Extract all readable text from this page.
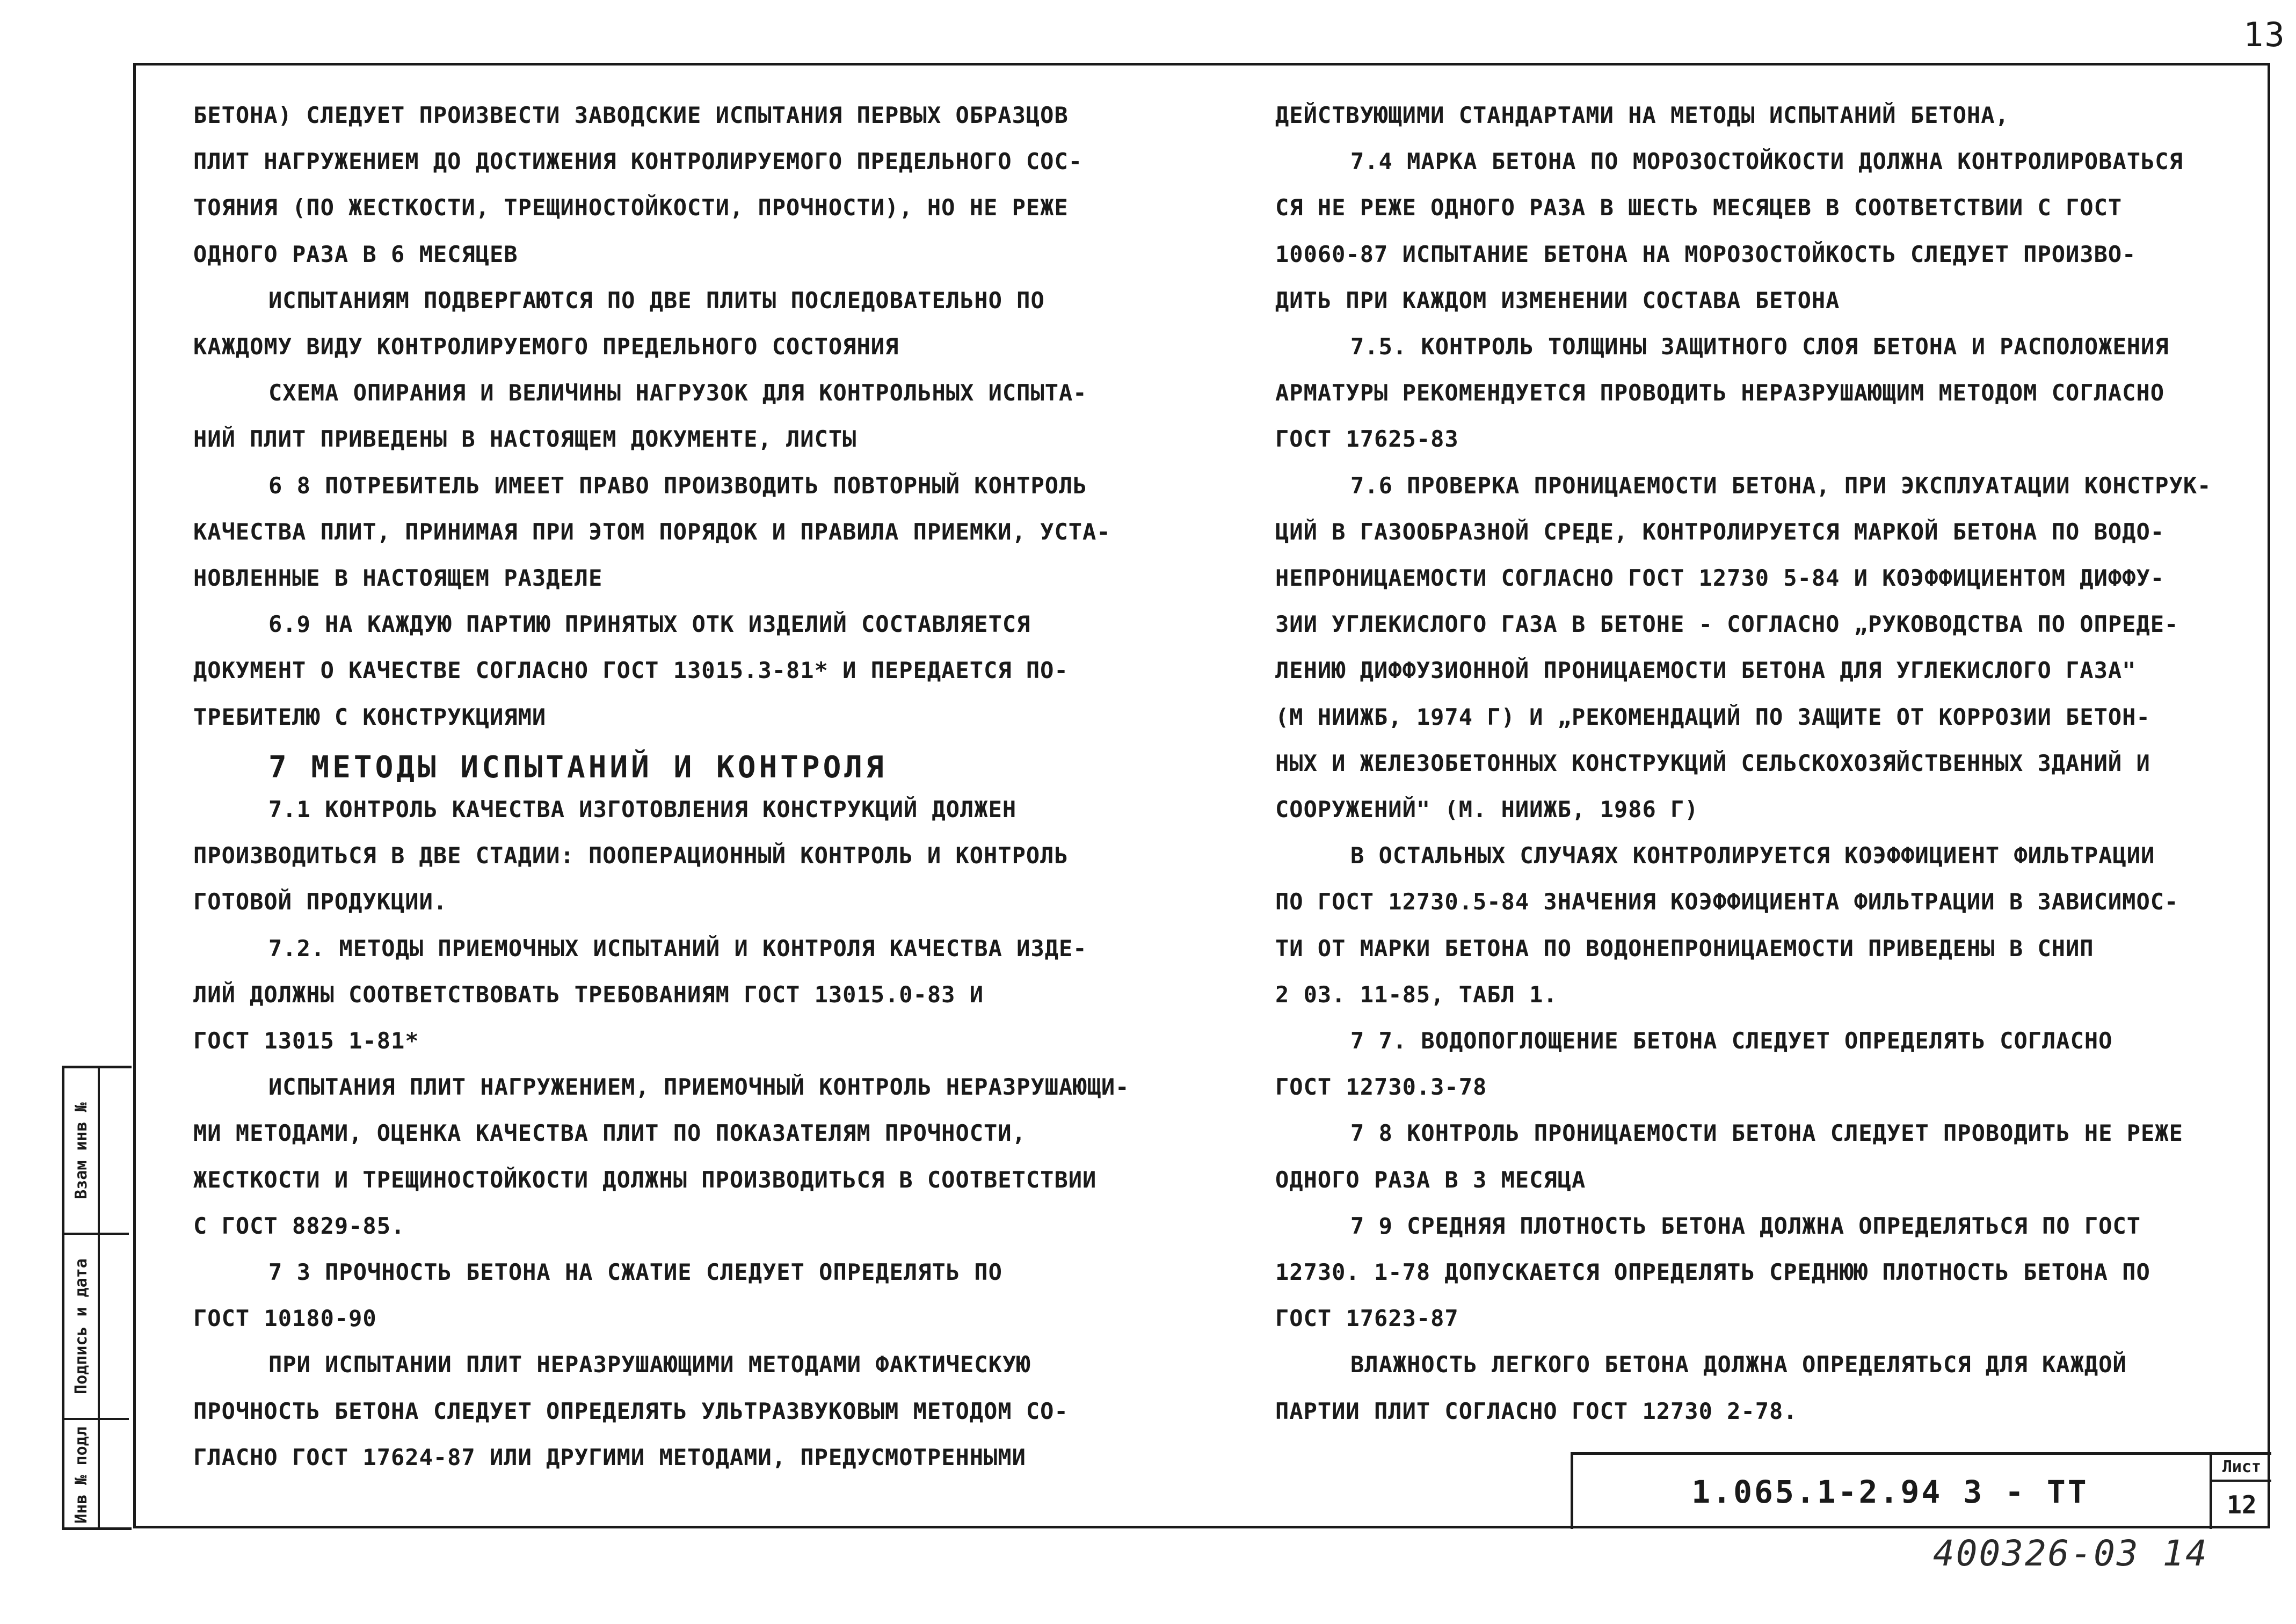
13
Взам инв №
Подпись и дата
Инв № подл
БЕТОНА) СЛЕДУЕТ ПРОИЗВЕСТИ ЗАВОДСКИЕ ИСПЫТАНИЯ ПЕРВЫХ ОБРАЗЦОВ
ПЛИТ НАГРУЖЕНИЕМ ДО ДОСТИЖЕНИЯ КОНТРОЛИРУЕМОГО ПРЕДЕЛЬНОГО СОС-
ТОЯНИЯ (ПО ЖЕСТКОСТИ, ТРЕЩИНОСТОЙКОСТИ, ПРОЧНОСТИ), НО НЕ РЕЖЕ
ОДНОГО РАЗА В 6 МЕСЯЦЕВ
ИСПЫТАНИЯМ ПОДВЕРГАЮТСЯ ПО ДВЕ ПЛИТЫ ПОСЛЕДОВАТЕЛЬНО ПО
КАЖДОМУ ВИДУ КОНТРОЛИРУЕМОГО ПРЕДЕЛЬНОГО СОСТОЯНИЯ
СХЕМА ОПИРАНИЯ И ВЕЛИЧИНЫ НАГРУЗОК ДЛЯ КОНТРОЛЬНЫХ ИСПЫТА-
НИЙ ПЛИТ ПРИВЕДЕНЫ В НАСТОЯЩЕМ ДОКУМЕНТЕ, ЛИСТЫ
6 8 ПОТРЕБИТЕЛЬ ИМЕЕТ ПРАВО ПРОИЗВОДИТЬ ПОВТОРНЫЙ КОНТРОЛЬ
КАЧЕСТВА ПЛИТ, ПРИНИМАЯ ПРИ ЭТОМ ПОРЯДОК И ПРАВИЛА ПРИЕМКИ, УСТА-
НОВЛЕННЫЕ В НАСТОЯЩЕМ РАЗДЕЛЕ
6.9 НА КАЖДУЮ ПАРТИЮ ПРИНЯТЫХ ОТК ИЗДЕЛИЙ СОСТАВЛЯЕТСЯ
ДОКУМЕНТ О КАЧЕСТВЕ СОГЛАСНО ГОСТ 13015.3-81* И ПЕРЕДАЕТСЯ ПО-
ТРЕБИТЕЛЮ С КОНСТРУКЦИЯМИ
7 МЕТОДЫ ИСПЫТАНИЙ И КОНТРОЛЯ
7.1 КОНТРОЛЬ КАЧЕСТВА ИЗГОТОВЛЕНИЯ КОНСТРУКЦИЙ ДОЛЖЕН
ПРОИЗВОДИТЬСЯ В ДВЕ СТАДИИ: ПООПЕРАЦИОННЫЙ КОНТРОЛЬ И КОНТРОЛЬ
ГОТОВОЙ ПРОДУКЦИИ.
7.2. МЕТОДЫ ПРИЕМОЧНЫХ ИСПЫТАНИЙ И КОНТРОЛЯ КАЧЕСТВА ИЗДЕ-
ЛИЙ ДОЛЖНЫ СООТВЕТСТВОВАТЬ ТРЕБОВАНИЯМ ГОСТ 13015.0-83 И
ГОСТ 13015 1-81*
ИСПЫТАНИЯ ПЛИТ НАГРУЖЕНИЕМ, ПРИЕМОЧНЫЙ КОНТРОЛЬ НЕРАЗРУШАЮЩИ-
МИ МЕТОДАМИ, ОЦЕНКА КАЧЕСТВА ПЛИТ ПО ПОКАЗАТЕЛЯМ ПРОЧНОСТИ,
ЖЕСТКОСТИ И ТРЕЩИНОСТОЙКОСТИ ДОЛЖНЫ ПРОИЗВОДИТЬСЯ В СООТВЕТСТВИИ
С ГОСТ 8829-85.
7 3 ПРОЧНОСТЬ БЕТОНА НА СЖАТИЕ СЛЕДУЕТ ОПРЕДЕЛЯТЬ ПО
ГОСТ 10180-90
ПРИ ИСПЫТАНИИ ПЛИТ НЕРАЗРУШАЮЩИМИ МЕТОДАМИ ФАКТИЧЕСКУЮ
ПРОЧНОСТЬ БЕТОНА СЛЕДУЕТ ОПРЕДЕЛЯТЬ УЛЬТРАЗВУКОВЫМ МЕТОДОМ СО-
ГЛАСНО ГОСТ 17624-87 ИЛИ ДРУГИМИ МЕТОДАМИ, ПРЕДУСМОТРЕННЫМИ
ДЕЙСТВУЮЩИМИ СТАНДАРТАМИ НА МЕТОДЫ ИСПЫТАНИЙ БЕТОНА,
7.4 МАРКА БЕТОНА ПО МОРОЗОСТОЙКОСТИ ДОЛЖНА КОНТРОЛИРОВАТЬСЯ
СЯ НЕ РЕЖЕ ОДНОГО РАЗА В ШЕСТЬ МЕСЯЦЕВ В СООТВЕТСТВИИ С ГОСТ
10060-87 ИСПЫТАНИЕ БЕТОНА НА МОРОЗОСТОЙКОСТЬ СЛЕДУЕТ ПРОИЗВО-
ДИТЬ ПРИ КАЖДОМ ИЗМЕНЕНИИ СОСТАВА БЕТОНА
7.5. КОНТРОЛЬ ТОЛЩИНЫ ЗАЩИТНОГО СЛОЯ БЕТОНА И РАСПОЛОЖЕНИЯ
АРМАТУРЫ РЕКОМЕНДУЕТСЯ ПРОВОДИТЬ НЕРАЗРУШАЮЩИМ МЕТОДОМ СОГЛАСНО
ГОСТ 17625-83
7.6 ПРОВЕРКА ПРОНИЦАЕМОСТИ БЕТОНА, ПРИ ЭКСПЛУАТАЦИИ КОНСТРУК-
ЦИЙ В ГАЗООБРАЗНОЙ СРЕДЕ, КОНТРОЛИРУЕТСЯ МАРКОЙ БЕТОНА ПО ВОДО-
НЕПРОНИЦАЕМОСТИ СОГЛАСНО ГОСТ 12730 5-84 И КОЭФФИЦИЕНТОМ ДИФФУ-
ЗИИ УГЛЕКИСЛОГО ГАЗА В БЕТОНЕ - СОГЛАСНО „РУКОВОДСТВА ПО ОПРЕДЕ-
ЛЕНИЮ ДИФФУЗИОННОЙ ПРОНИЦАЕМОСТИ БЕТОНА ДЛЯ УГЛЕКИСЛОГО ГАЗА"
(М НИИЖБ, 1974 Г) И „РЕКОМЕНДАЦИЙ ПО ЗАЩИТЕ ОТ КОРРОЗИИ БЕТОН-
НЫХ И ЖЕЛЕЗОБЕТОННЫХ КОНСТРУКЦИЙ СЕЛЬСКОХОЗЯЙСТВЕННЫХ ЗДАНИЙ И
СООРУЖЕНИЙ" (М. НИИЖБ, 1986 Г)
В ОСТАЛЬНЫХ СЛУЧАЯХ КОНТРОЛИРУЕТСЯ КОЭФФИЦИЕНТ ФИЛЬТРАЦИИ
ПО ГОСТ 12730.5-84 ЗНАЧЕНИЯ КОЭФФИЦИЕНТА ФИЛЬТРАЦИИ В ЗАВИСИМОС-
ТИ ОТ МАРКИ БЕТОНА ПО ВОДОНЕПРОНИЦАЕМОСТИ ПРИВЕДЕНЫ В СНИП
2 03. 11-85, ТАБЛ 1.
7 7. ВОДОПОГЛОЩЕНИЕ БЕТОНА СЛЕДУЕТ ОПРЕДЕЛЯТЬ СОГЛАСНО
ГОСТ 12730.3-78
7 8 КОНТРОЛЬ ПРОНИЦАЕМОСТИ БЕТОНА СЛЕДУЕТ ПРОВОДИТЬ НЕ РЕЖЕ
ОДНОГО РАЗА В 3 МЕСЯЦА
7 9 СРЕДНЯЯ ПЛОТНОСТЬ БЕТОНА ДОЛЖНА ОПРЕДЕЛЯТЬСЯ ПО ГОСТ
12730. 1-78 ДОПУСКАЕТСЯ ОПРЕДЕЛЯТЬ СРЕДНЮЮ ПЛОТНОСТЬ БЕТОНА ПО
ГОСТ 17623-87
ВЛАЖНОСТЬ ЛЕГКОГО БЕТОНА ДОЛЖНА ОПРЕДЕЛЯТЬСЯ ДЛЯ КАЖДОЙ
ПАРТИИ ПЛИТ СОГЛАСНО ГОСТ 12730 2-78.
1.065.1-2.94 3 - ТТ
Лист
12
400326-03 14
